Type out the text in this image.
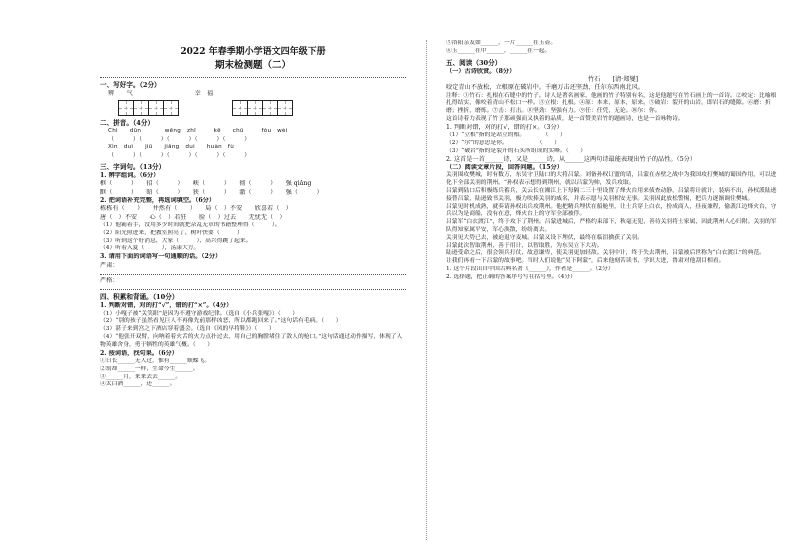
2022 年春季期小学语文四年级下册
期末检测题（二）
一、写好字。（2分）
辨　　气　　　　　　　　　　幸　福
二、拼音。（4分）
Chì　　dūn　　　　wēng　zhī　　　kē　　chū　　　fǒu　wèi
（　　　）（　　　）（　　　）（　　　）（　　　）
Xìn　duì　　jiū　　jiǎng　duì　　huàn　fù
（　　　）（　　　）（　　　）（　　　）（　　　）
三、字词句。（13分）
1. 辨字组词。（6分）
框（　　　）　　招（　　　）　　峡（　　　）　　彻（　　　）　　强 qiǎng
眶（　　　）　　昭（　　　）　　狭（　　　）　　澈（　　　）　　强（　　　）
2. 把词语补充完整，再选词填空。（6分）
栋栋有（　　）　　井然有（　　）　　局（　）不安　　欣喜若（　）
唐（　）不安　　心（　）若狂　　脸（　）过去　　无忧无（　）
（1）他霸着手，没用多少时间就把杂乱无章的书籍整理得（　　　）。
（2）阳光照进来，把教室照亮了，树叶快要（　　　）
（3）听到这个好消息，大家（　　　），高兴得跳了起来。
（4）听着入夏（　　　），荡漾大方。
3. 请用下面的词语写一句通顺的话。（2分）
严肃：
严格：
四、积累和背诵。（10分）
1. 判断对错，对的打“√”，错的打“×”。（4分）

（1）小嘎子被“关笑眼”是因为不遵守游戏纪律。（选自《小兵张嘎》）（　　）

（2）“别的孩子虽然看见巨人不再像先前那样凶恶，所以都跑回来了。”这句话有毛病。（　　）

（3）湛子来到宫之下酒店穿着盛会。（选自《风的早将鞋》）（　　）

（4）“他张开双臂，向呐着着火舌的火力点扑过去，用自己的胸膛堵住了敌人的枪口。”这句话通过动作描写，体现了人物英雄舍身，勇于牺牲的英雄气概。（　　）

2. 按词语，找句果。（6分）
①日长______无人过，惟有______蛱蝶飞。
②翁却______一样，生命今生______。
③______月，来来去去______。
④太白酒______，还______。
⑤浴阳亲友如______，一片______在玉壶。
⑥玉______在中______，______在一起。
五、阅读（30分）
（一）古诗欣赏。（8分）
竹石　　[清·郑燮]

咬定青山不放松，立根原在破岩中。千磨万击还坚劲，任尔东西南北风。

注释：①竹石：扎根在石缝中的竹子。诗人是著名画家，他画的竹子特别有名，这是他题写在竹石画上的一首诗。②咬定：比喻根扎得结实，像咬着青山不松口一样。③立根：扎根。④原：本来，原本，原来。⑤破岩：裂开的山岩，即岩石的缝隙。⑥磨：折磨；挫折，磨炼。⑦击：打击。⑧坚劲：坚强有力。⑨任：任凭，无论。⑩尔：你。

这首诗着力表现了竹子那顽强而又执着的品质，是一首赞美岩竹的题画诗，也是一首咏物诗。

1. 判断对错，对的打√，错的打×。（3分）
（1）“立根”指的是站立的根。　　　　（　　）
（2）“尔”的意思是你。　　　　　　（　　）
（3）“破岩”指的是裂开的石头所组成的实峰。（　　）

2. 这首是一首______诗，又是______诗，从______这两句诗最能表现出竹子的品性。（5分）

（二）阅读文章片段，回答问题。（15分）

关羽围攻樊城，时有数万，东吴守卫陆口的大将吕蒙。刘备孙权订盟的请，吕蒙在赤壁之战中为我国攻打樊城的蜀国作用，可以进化下全部关羽的荆州。“孙权表示想得到荆州，就以吕蒙为帅，发兵攻取。

吕蒙到陆口后积极练兵蓄兵，关云长在湘江上下每隔二三十里设置了烽火台用来侦查动静，吕蒙将计就计，装病不出，孙权派陆逊接替吕蒙，陆逊致书关羽，极力吹捧关羽的威名，并表示愿与关羽相安无事。关羽因此放松警惕，把兵力逐渐调往樊城。

吕蒙见时机成熟，就奏请孙权出兵攻荆州。他把精兵埋伏在船舱里，让士兵穿上白衣，扮成商人，昼夜兼程，偷袭江边烽火台，守兵以为是商船，没有在意，烽火台上的守军全部被俘。

吕蒙军“白衣渡江”，终于攻下了荆州。吕蒙进城后，严格约束部下，秋毫无犯，善待关羽将士家属，因此荆州人心归附。关羽的军队得知家属平安，军心涣散，纷纷离去。

关羽见大势已去，被迫退守麦城。吕蒙又设下埋伏，最终在临沮擒获了关羽。

吕蒙此次智取荆州，善于用计，以智取胜，为东吴立下大功。

陆逊受命之后，很会领兵打仗，故意谦卑，使关羽更加轻敌。关羽中计，终于失去荆州，吕蒙被后世称为“白衣渡江”的典范。

让我们再看一下吕蒙的故事吧。当时人们说他“吴下阿蒙”，后来他刻苦读书，学识大进，鲁肃对他刮目相看。

1. 这个片段出自中国古典名著《______》，作者是______。（2分）
2. 选择题，把正确的答案序号写在括号里。（4分）
